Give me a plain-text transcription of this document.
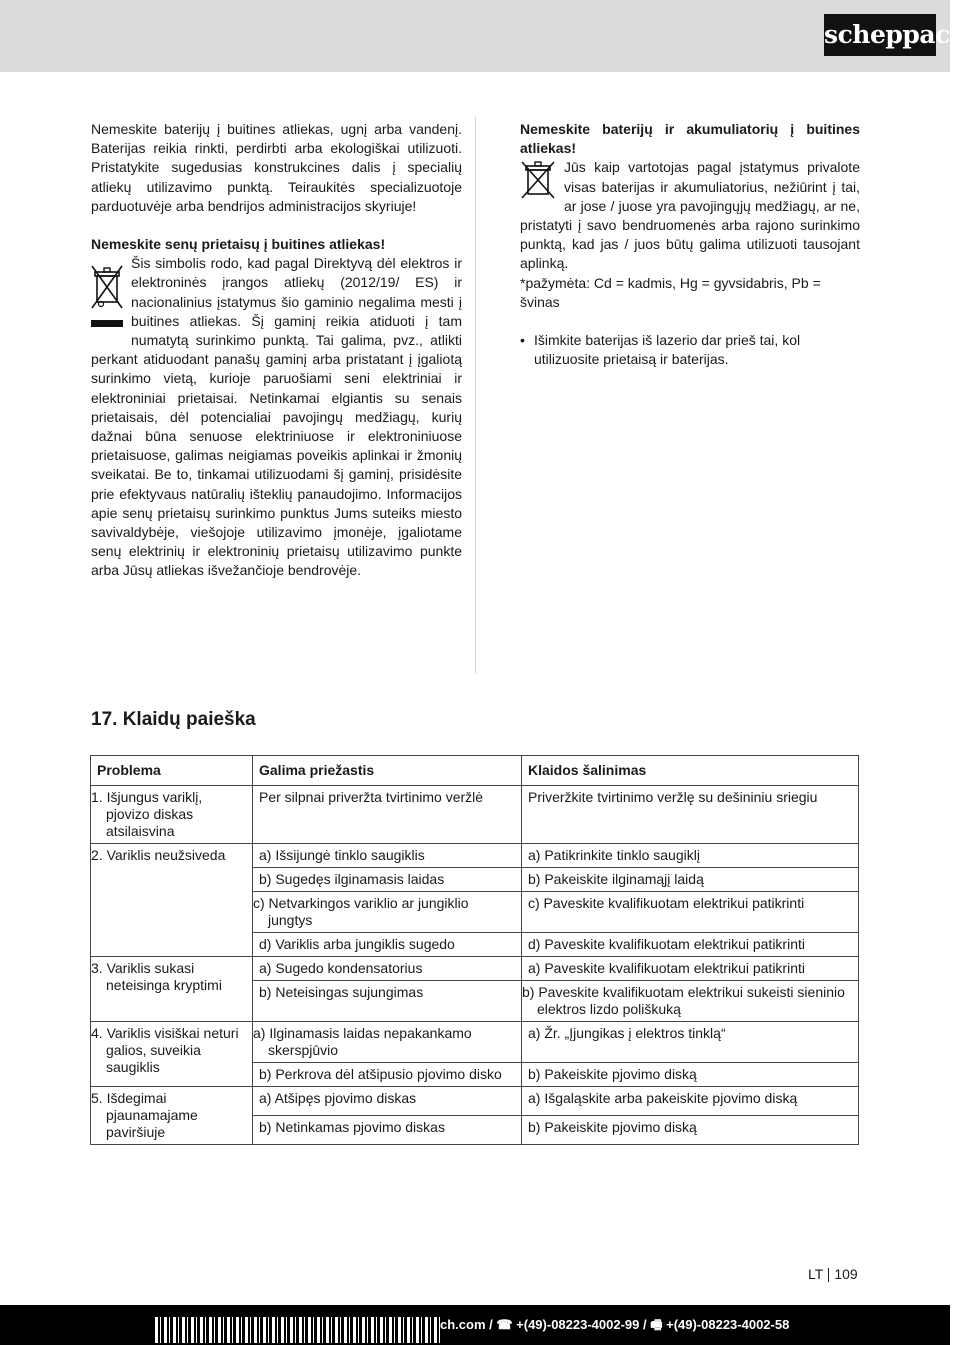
scheppach

Nemeskite baterijų į buitines atliekas, ugnį arba vandenį. Baterijas reikia rinkti, perdirbti arba ekologiškai utilizuoti. Pristatykite sugedusias konstrukcines dalis į specialių atliekų utilizavimo punktą. Teiraukitės specializuotoje parduotuvėje arba bendrijos administracijos skyriuje!

Nemeskite senų prietaisų į buitines atliekas!

Šis simbolis rodo, kad pagal Direktyvą dėl elektros ir elektroninės įrangos atliekų (2012/19/ ES) ir nacionalinius įstatymus šio gaminio negalima mesti į buitines atliekas. Šį gaminį reikia atiduoti į tam numatytą surinkimo punktą. Tai galima, pvz., atlikti perkant atiduodant panašų gaminį arba pristatant į įgaliotą surinkimo vietą, kurioje paruošiami seni elektriniai ir elektroniniai prietaisai. Netinkamai elgiantis su senais prietaisais, dėl potencialiai pavojingų medžiagų, kurių dažnai būna senuose elektriniuose ir elektroniniuose prietaisuose, galimas neigiamas poveikis aplinkai ir žmonių sveikatai. Be to, tinkamai utilizuodami šį gaminį, prisidėsite prie efektyvaus natūralių išteklių panaudojimo. Informacijos apie senų prietaisų surinkimo punktus Jums suteiks miesto savivaldybėje, viešojoje utilizavimo įmonėje, įgaliotame senų elektrinių ir elektroninių prietaisų utilizavimo punkte arba Jūsų atliekas išvežančioje bendrovėje.

Nemeskite baterijų ir akumuliatorių į buitines atliekas!

Jūs kaip vartotojas pagal įstatymus privalote visas baterijas ir akumuliatorius, nežiūrint į tai, ar jose / juose yra pavojingųjų medžiagų, ar ne, pristatyti į savo bendruomenės arba rajono surinkimo punktą, kad jas / juos būtų galima utilizuoti tausojant aplinką.

*pažymėta: Cd = kadmis, Hg = gyvsidabris, Pb = švinas

• Išimkite baterijas iš lazerio dar prieš tai, kol utilizuosite prietaisą ir baterijas.
17. Klaidų paieška
Problema	Galima priežastis	Klaidos šalinimas
1. Išjungus variklį, pjovizo diskas atsilaisvina	Per silpnai priveržta tvirtinimo veržlė	Priveržkite tvirtinimo veržlę su dešininiu sriegiu
2. Variklis neužsiveda	a) Išsijungė tinklo saugiklis	a) Patikrinkite tinklo saugiklį
	b) Sugedęs ilginamasis laidas	b) Pakeiskite ilginamąjį laidą
	c) Netvarkingos variklio ar jungiklio jungtys	c) Paveskite kvalifikuotam elektrikui patikrinti
	d) Variklis arba jungiklis sugedo	d) Paveskite kvalifikuotam elektrikui patikrinti
3. Variklis sukasi neteisinga kryptimi	a) Sugedo kondensatorius	a) Paveskite kvalifikuotam elektrikui patikrinti
	b) Neteisingas sujungimas	b) Paveskite kvalifikuotam elektrikui sukeisti sieninio elektros lizdo poliškuką
4. Variklis visiškai neturi galios, suveikia saugiklis	a) Ilginamasis laidas nepakankamo skerspjūvio	a) Žr. „Įjungikas į elektros tinklą“
	b) Perkrova dėl atšipusio pjovimo disko	b) Pakeiskite pjovimo diską
5. Išdegimai pjaunamajame paviršiuje	a) Atšipęs pjovimo diskas	a) Išgaląskite arba pakeiskite pjovimo diską
	b) Netinkamas pjovimo diskas	b) Pakeiskite pjovimo diską
LT 109
ch.com / ☎ +(49)-08223-4002-99 / 🖷 +(49)-08223-4002-58
